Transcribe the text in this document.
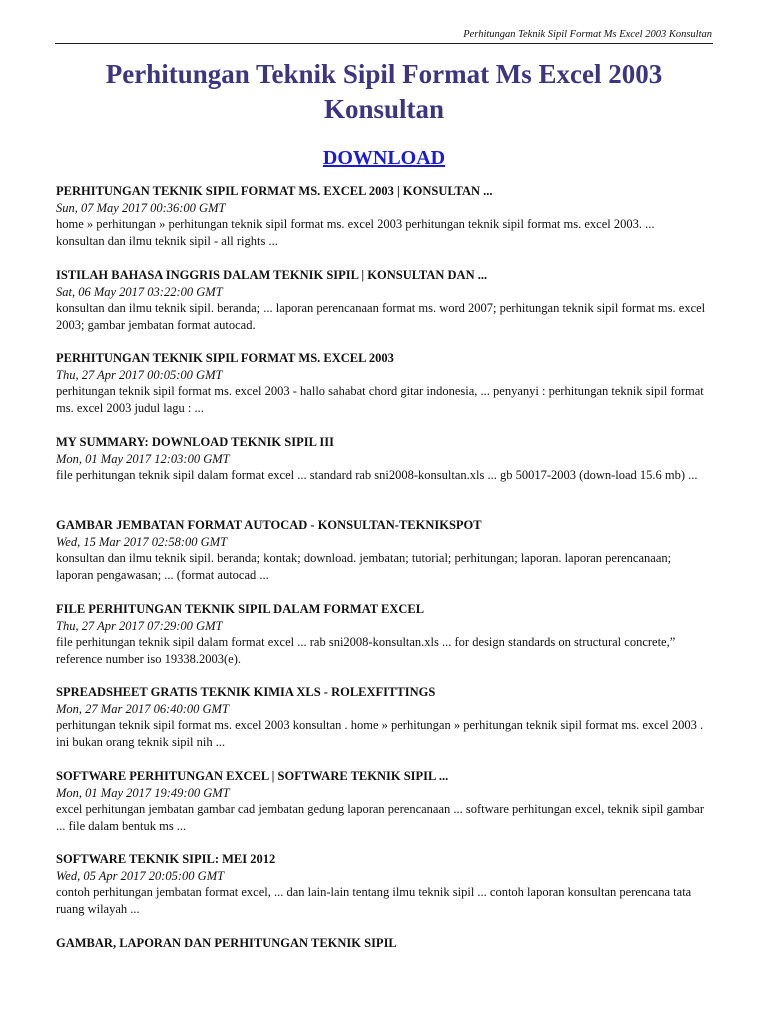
Perhitungan Teknik Sipil Format Ms Excel 2003 Konsultan
Perhitungan Teknik Sipil Format Ms Excel 2003 Konsultan
DOWNLOAD
PERHITUNGAN TEKNIK SIPIL FORMAT MS. EXCEL 2003 | KONSULTAN ...
Sun, 07 May 2017 00:36:00 GMT
home » perhitungan » perhitungan teknik sipil format ms. excel 2003 perhitungan teknik sipil format ms. excel 2003. ... konsultan dan ilmu teknik sipil - all rights ...
ISTILAH BAHASA INGGRIS DALAM TEKNIK SIPIL | KONSULTAN DAN ...
Sat, 06 May 2017 03:22:00 GMT
konsultan dan ilmu teknik sipil. beranda; ... laporan perencanaan format ms. word 2007; perhitungan teknik sipil format ms. excel 2003; gambar jembatan format autocad.
PERHITUNGAN TEKNIK SIPIL FORMAT MS. EXCEL 2003
Thu, 27 Apr 2017 00:05:00 GMT
perhitungan teknik sipil format ms. excel 2003 - hallo sahabat chord gitar indonesia, ... penyanyi : perhitungan teknik sipil format ms. excel 2003 judul lagu : ...
MY SUMMARY: DOWNLOAD TEKNIK SIPIL III
Mon, 01 May 2017 12:03:00 GMT
file perhitungan teknik sipil dalam format excel ... standard rab sni2008-konsultan.xls ... gb 50017-2003 (down-load 15.6 mb) ...
GAMBAR JEMBATAN FORMAT AUTOCAD - KONSULTAN-TEKNIKSPOT
Wed, 15 Mar 2017 02:58:00 GMT
konsultan dan ilmu teknik sipil. beranda; kontak; download. jembatan; tutorial; perhitungan; laporan. laporan perencanaan; laporan pengawasan; ... (format autocad ...
FILE PERHITUNGAN TEKNIK SIPIL DALAM FORMAT EXCEL
Thu, 27 Apr 2017 07:29:00 GMT
file perhitungan teknik sipil dalam format excel ... rab sni2008-konsultan.xls ... for design standards on structural concrete,” reference number iso 19338.2003(e).
SPREADSHEET GRATIS TEKNIK KIMIA XLS - ROLEXFITTINGS
Mon, 27 Mar 2017 06:40:00 GMT
perhitungan teknik sipil format ms. excel 2003 konsultan . home » perhitungan » perhitungan teknik sipil format ms. excel 2003 . ini bukan orang teknik sipil nih ...
SOFTWARE PERHITUNGAN EXCEL | SOFTWARE TEKNIK SIPIL ...
Mon, 01 May 2017 19:49:00 GMT
excel perhitungan jembatan gambar cad jembatan gedung laporan perencanaan ... software perhitungan excel, teknik sipil gambar ... file dalam bentuk ms ...
SOFTWARE TEKNIK SIPIL: MEI 2012
Wed, 05 Apr 2017 20:05:00 GMT
contoh perhitungan jembatan format excel, ... dan lain-lain tentang ilmu teknik sipil ... contoh laporan konsultan perencana tata ruang wilayah ...
GAMBAR, LAPORAN DAN PERHITUNGAN TEKNIK SIPIL
